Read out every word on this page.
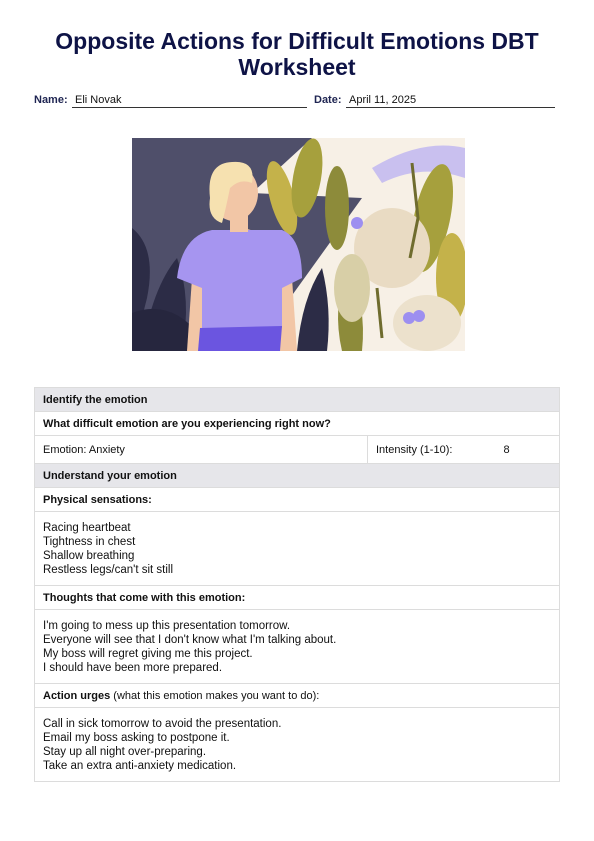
Opposite Actions for Difficult Emotions DBT Worksheet
Name: Eli Novak	Date: April 11, 2025
Identify the emotion
What difficult emotion are you experiencing right now?
Emotion: Anxiety	Intensity (1-10):	8
Understand your emotion
Physical sensations:

Racing heartbeat
Tightness in chest
Shallow breathing
Restless legs/can't sit still

Thoughts that come with this emotion:

I'm going to mess up this presentation tomorrow.
Everyone will see that I don't know what I'm talking about.
My boss will regret giving me this project.
I should have been more prepared.

Action urges (what this emotion makes you want to do):

Call in sick tomorrow to avoid the presentation.
Email my boss asking to postpone it.
Stay up all night over-preparing.
Take an extra anti-anxiety medication.
